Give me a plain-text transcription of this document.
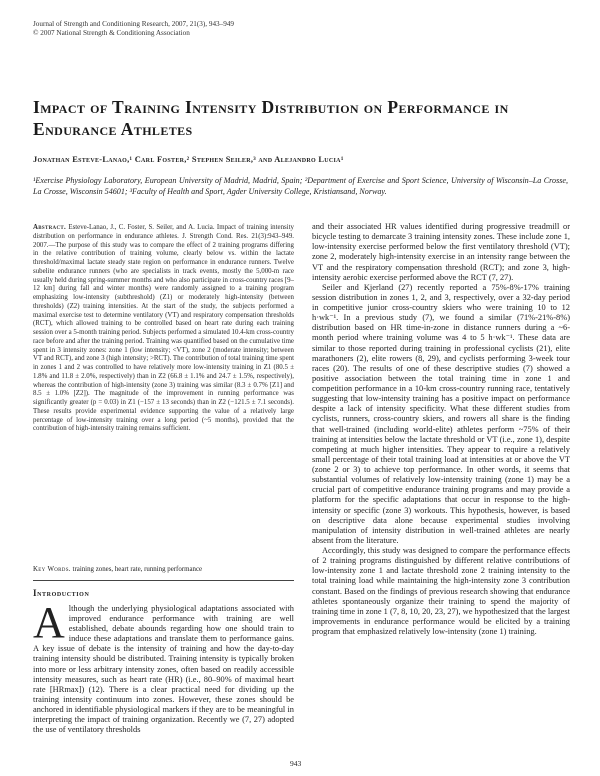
Journal of Strength and Conditioning Research, 2007, 21(3), 943–949
© 2007 National Strength & Conditioning Association
Impact of Training Intensity Distribution on Performance in Endurance Athletes
Jonathan Esteve-Lanao,¹ Carl Foster,² Stephen Seiler,³ and Alejandro Lucia¹
¹Exercise Physiology Laboratory, European University of Madrid, Madrid, Spain; ²Department of Exercise and Sport Science, University of Wisconsin–La Crosse, La Crosse, Wisconsin 54601; ³Faculty of Health and Sport, Agder University College, Kristiansand, Norway.
Abstract. Esteve-Lanao, J., C. Foster, S. Seiler, and A. Lucia. Impact of training intensity distribution on performance in endurance athletes. J. Strength Cond. Res. 21(3):943–949. 2007.—The purpose of this study was to compare the effect of 2 training programs differing in the relative contribution of training volume, clearly below vs. within the lactate threshold/maximal lactate steady state region on performance in endurance runners. Twelve subelite endurance runners (who are specialists in track events, mostly the 5,000-m race usually held during spring-summer months and who also participate in cross-country races [9–12 km] during fall and winter months) were randomly assigned to a training program emphasizing low-intensity (subthreshold) (Z1) or moderately high-intensity (between thresholds) (Z2) training intensities. At the start of the study, the subjects performed a maximal exercise test to determine ventilatory (VT) and respiratory compensation thresholds (RCT), which allowed training to be controlled based on heart rate during each training session over a 5-month training period. Subjects performed a simulated 10.4-km cross-country race before and after the training period. Training was quantified based on the cumulative time spent in 3 intensity zones: zone 1 (low intensity; <VT), zone 2 (moderate intensity; between VT and RCT), and zone 3 (high intensity; >RCT). The contribution of total training time spent in zones 1 and 2 was controlled to have relatively more low-intensity training in Z1 (80.5 ± 1.8% and 11.8 ± 2.0%, respectively) than in Z2 (66.8 ± 1.1% and 24.7 ± 1.5%, respectively), whereas the contribution of high-intensity (zone 3) training was similar (8.3 ± 0.7% [Z1] and 8.5 ± 1.0% [Z2]). The magnitude of the improvement in running performance was significantly greater (p = 0.03) in Z1 (−157 ± 13 seconds) than in Z2 (−121.5 ± 7.1 seconds). These results provide experimental evidence supporting the value of a relatively large percentage of low-intensity training over a long period (~5 months), provided that the contribution of high-intensity training remains sufficient.
Key Words. training zones, heart rate, running performance
Introduction
A lthough the underlying physiological adaptations associated with improved endurance performance with training are well established, debate abounds regarding how one should train to induce these adaptations and translate them to performance gains. A key issue of debate is the intensity of training and how the day-to-day training intensity should be distributed. Training intensity is typically broken into more or less arbitrary intensity zones, often based on readily accessible intensity measures, such as heart rate (HR) (i.e., 80–90% of maximal heart rate [HRmax]) (12). There is a clear practical need for dividing up the training intensity continuum into zones. However, these zones should be anchored in identifiable physiological markers if they are to be meaningful in interpreting the impact of training organization. Recently we (7, 27) adopted the use of ventilatory thresholds

and their associated HR values identified during progressive treadmill or bicycle testing to demarcate 3 training intensity zones. These include zone 1, low-intensity exercise performed below the first ventilatory threshold (VT); zone 2, moderately high-intensity exercise in an intensity range between the VT and the respiratory compensation threshold (RCT); and zone 3, high-intensity aerobic exercise performed above the RCT (7, 27).

Seiler and Kjerland (27) recently reported a 75%-8%-17% training session distribution in zones 1, 2, and 3, respectively, over a 32-day period in competitive junior cross-country skiers who were training 10 to 12 h·wk⁻¹. In a previous study (7), we found a similar (71%-21%-8%) distribution based on HR time-in-zone in distance runners during a ~6-month period where training volume was 4 to 5 h·wk⁻¹. These data are similar to those reported during training in professional cyclists (21), elite marathoners (2), elite rowers (8, 29), and cyclists performing 3-week tour races (20). The results of one of these descriptive studies (7) showed a positive association between the total training time in zone 1 and competition performance in a 10-km cross-country running race, tentatively suggesting that low-intensity training has a positive impact on performance despite a lack of intensity specificity. What these different studies from cyclists, runners, cross-country skiers, and rowers all share is the finding that well-trained (including world-elite) athletes perform ~75% of their training at intensities below the lactate threshold or VT (i.e., zone 1), despite competing at much higher intensities. They appear to require a relatively small percentage of their total training load at intensities at or above the VT (zone 2 or 3) to achieve top performance. In other words, it seems that substantial volumes of relatively low-intensity training (zone 1) may be a crucial part of competitive endurance training programs and may provide a platform for the specific adaptations that occur in response to the high-intensity or specific (zone 3) workouts. This hypothesis, however, is based on descriptive data alone because experimental studies involving manipulation of intensity distribution in well-trained athletes are nearly absent from the literature.

Accordingly, this study was designed to compare the performance effects of 2 training programs distinguished by different relative contributions of low-intensity zone 1 and lactate threshold zone 2 training intensity to the total training load while maintaining the high-intensity zone 3 contribution constant. Based on the findings of previous research showing that endurance athletes spontaneously organize their training to spend the majority of training time in zone 1 (7, 8, 10, 20, 23, 27), we hypothesized that the largest improvements in endurance performance would be elicited by a training program that emphasized relatively low-intensity (zone 1) training.

943
